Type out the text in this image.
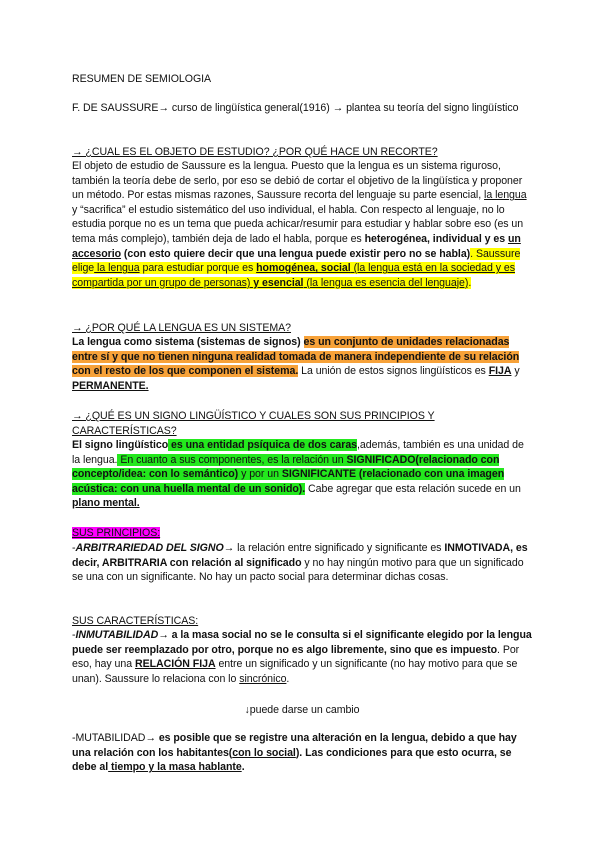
RESUMEN DE SEMIOLOGIA
F. DE SAUSSURE→ curso de lingüística general(1916) → plantea su teoría del signo lingüístico
→ ¿CUAL ES EL OBJETO DE ESTUDIO? ¿POR QUÉ HACE UN RECORTE?
El objeto de estudio de Saussure es la lengua. Puesto que la lengua es un sistema riguroso, también la teoría debe de serlo, por eso se debió de cortar el objetivo de la lingüística y proponer un método. Por estas mismas razones, Saussure recorta del lenguaje su parte esencial, la lengua y “sacrifica” el estudio sistemático del uso individual, el habla. Con respecto al lenguaje, no lo estudia porque no es un tema que pueda achicar/resumir para estudiar y hablar sobre eso (es un tema más complejo), también deja de lado el habla, porque es heterogénea, individual y es un accesorio (con esto quiere decir que una lengua puede existir pero no se habla). Saussure elige la lengua para estudiar porque es homogénea, social (la lengua está en la sociedad y es compartida por un grupo de personas) y esencial (la lengua es esencia del lenguaje).
→ ¿POR QUÉ LA LENGUA ES UN SISTEMA?
La lengua como sistema (sistemas de signos) es un conjunto de unidades relacionadas entre sí y que no tienen ninguna realidad tomada de manera independiente de su relación con el resto de los que componen el sistema. La unión de estos signos lingüísticos es FIJA y PERMANENTE.
→ ¿QUÉ ES UN SIGNO LINGÜÍSTICO Y CUALES SON SUS PRINCIPIOS Y CARACTERÍSTICAS?
El signo lingüístico es una entidad psíquica de dos caras,además, también es una unidad de la lengua. En cuanto a sus componentes, es la relación un SIGNIFICADO(relacionado con concepto/idea: con lo semántico) y por un SIGNIFICANTE (relacionado con una imagen acústica: con una huella mental de un sonido). Cabe agregar que esta relación sucede en un plano mental.
SUS PRINCIPIOS:
-ARBITRARIEDAD DEL SIGNO→ la relación entre significado y significante es INMOTIVADA, es decir, ARBITRARIA con relación al significado y no hay ningún motivo para que un significado se una con un significante. No hay un pacto social para determinar dichas cosas.
SUS CARACTERÍSTICAS:
-INMUTABILIDAD→ a la masa social no se le consulta si el significante elegido por la lengua puede ser reemplazado por otro, porque no es algo libremente, sino que es impuesto. Por eso, hay una RELACIÓN FIJA entre un significado y un significante (no hay motivo para que se unan). Saussure lo relaciona con lo sincrónico.
↓puede darse un cambio
-MUTABILIDAD→ es posible que se registre una alteración en la lengua, debido a que hay una relación con los habitantes(con lo social). Las condiciones para que esto ocurra, se debe al tiempo y la masa hablante.
